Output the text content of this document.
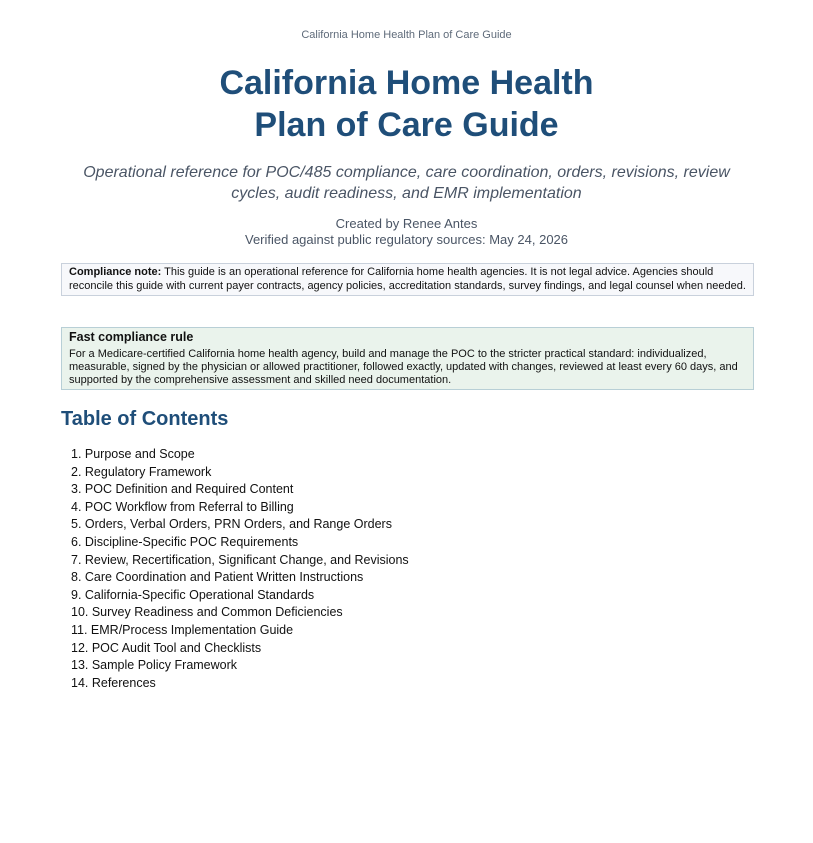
California Home Health Plan of Care Guide
California Home Health
Plan of Care Guide
Operational reference for POC/485 compliance, care coordination, orders, revisions, review cycles, audit readiness, and EMR implementation
Created by Renee Antes
Verified against public regulatory sources: May 24, 2026
Compliance note: This guide is an operational reference for California home health agencies. It is not legal advice. Agencies should reconcile this guide with current payer contracts, agency policies, accreditation standards, survey findings, and legal counsel when needed.
Fast compliance rule
For a Medicare-certified California home health agency, build and manage the POC to the stricter practical standard: individualized, measurable, signed by the physician or allowed practitioner, followed exactly, updated with changes, reviewed at least every 60 days, and supported by the comprehensive assessment and skilled need documentation.
Table of Contents
1. Purpose and Scope
2. Regulatory Framework
3. POC Definition and Required Content
4. POC Workflow from Referral to Billing
5. Orders, Verbal Orders, PRN Orders, and Range Orders
6. Discipline-Specific POC Requirements
7. Review, Recertification, Significant Change, and Revisions
8. Care Coordination and Patient Written Instructions
9. California-Specific Operational Standards
10. Survey Readiness and Common Deficiencies
11. EMR/Process Implementation Guide
12. POC Audit Tool and Checklists
13. Sample Policy Framework
14. References
